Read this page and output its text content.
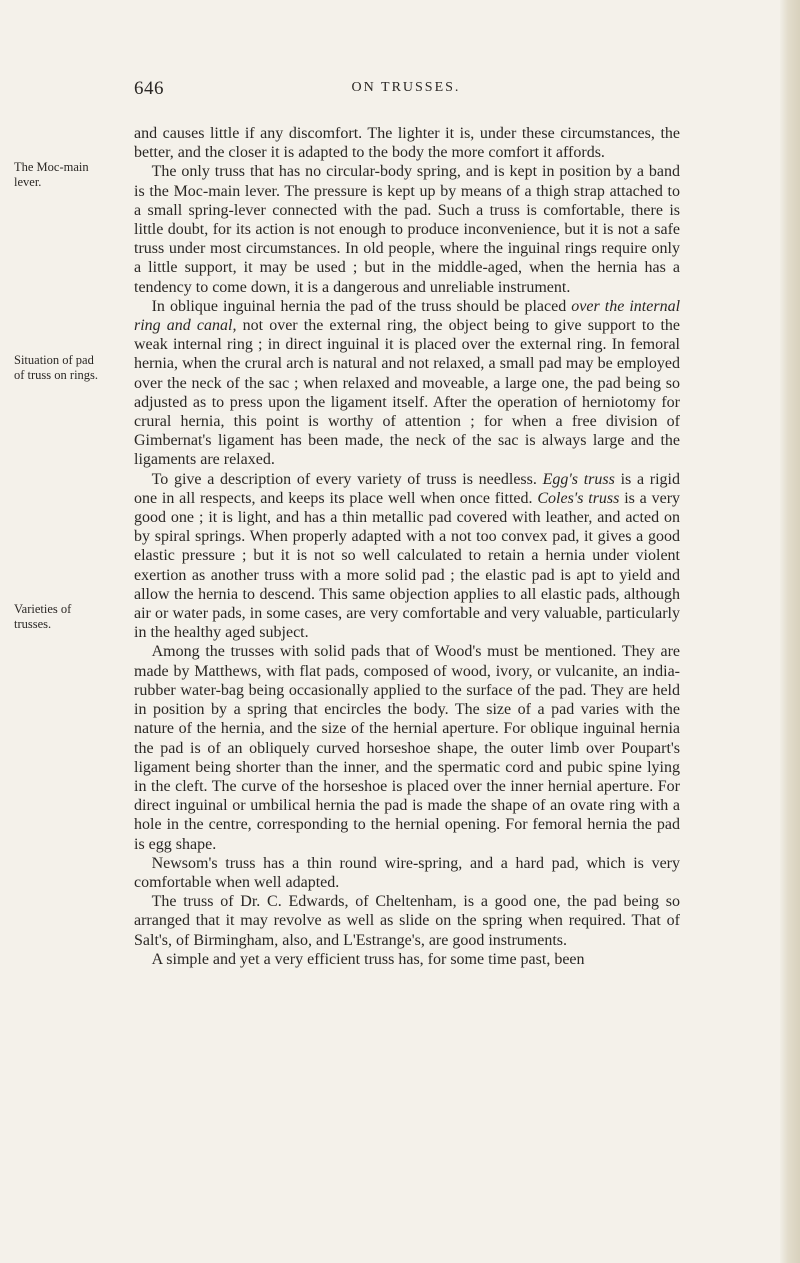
646	ON TRUSSES.
The Moc-main lever.
Situation of pad of truss on rings.
Varieties of trusses.

and causes little if any discomfort. The lighter it is, under these circumstances, the better, and the closer it is adapted to the body the more comfort it affords.

The only truss that has no circular-body spring, and is kept in position by a band is the Moc-main lever. The pressure is kept up by means of a thigh strap attached to a small spring-lever connected with the pad. Such a truss is comfortable, there is little doubt, for its action is not enough to produce inconvenience, but it is not a safe truss under most circumstances. In old people, where the inguinal rings require only a little support, it may be used ; but in the middle-aged, when the hernia has a tendency to come down, it is a dangerous and unreliable instrument.

In oblique inguinal hernia the pad of the truss should be placed over the internal ring and canal, not over the external ring, the object being to give support to the weak internal ring ; in direct inguinal it is placed over the external ring. In femoral hernia, when the crural arch is natural and not relaxed, a small pad may be employed over the neck of the sac ; when relaxed and moveable, a large one, the pad being so adjusted as to press upon the ligament itself. After the operation of herniotomy for crural hernia, this point is worthy of attention ; for when a free division of Gimbernat's ligament has been made, the neck of the sac is always large and the ligaments are relaxed.

To give a description of every variety of truss is needless. Egg's truss is a rigid one in all respects, and keeps its place well when once fitted. Coles's truss is a very good one ; it is light, and has a thin metallic pad covered with leather, and acted on by spiral springs. When properly adapted with a not too convex pad, it gives a good elastic pressure ; but it is not so well calculated to retain a hernia under violent exertion as another truss with a more solid pad ; the elastic pad is apt to yield and allow the hernia to descend. This same objection applies to all elastic pads, although air or water pads, in some cases, are very comfortable and very valuable, particularly in the healthy aged subject.

Among the trusses with solid pads that of Wood's must be mentioned. They are made by Matthews, with flat pads, composed of wood, ivory, or vulcanite, an india-rubber water-bag being occasionally applied to the surface of the pad. They are held in position by a spring that encircles the body. The size of a pad varies with the nature of the hernia, and the size of the hernial aperture. For oblique inguinal hernia the pad is of an obliquely curved horseshoe shape, the outer limb over Poupart's ligament being shorter than the inner, and the spermatic cord and pubic spine lying in the cleft. The curve of the horseshoe is placed over the inner hernial aperture. For direct inguinal or umbilical hernia the pad is made the shape of an ovate ring with a hole in the centre, corresponding to the hernial opening. For femoral hernia the pad is egg shape.

Newsom's truss has a thin round wire-spring, and a hard pad, which is very comfortable when well adapted.

The truss of Dr. C. Edwards, of Cheltenham, is a good one, the pad being so arranged that it may revolve as well as slide on the spring when required. That of Salt's, of Birmingham, also, and L'Estrange's, are good instruments.

A simple and yet a very efficient truss has, for some time past, been
